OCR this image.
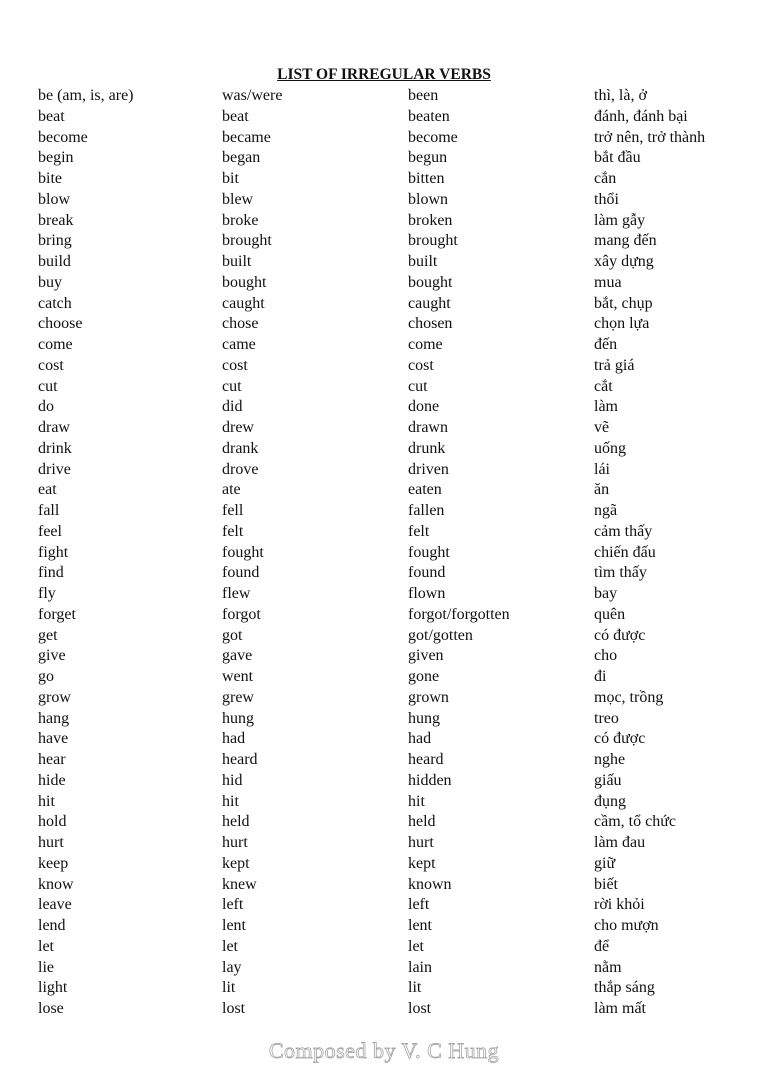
LIST OF IRREGULAR VERBS
be (am, is, are)	was/were	been	thì, là, ở
beat	beat	beaten	đánh, đánh bại
become	became	become	trở nên, trở thành
begin	began	begun	bắt đầu
bite	bit	bitten	cắn
blow	blew	blown	thổi
break	broke	broken	làm gẫy
bring	brought	brought	mang đến
build	built	built	xây dựng
buy	bought	bought	mua
catch	caught	caught	bắt, chụp
choose	chose	chosen	chọn lựa
come	came	come	đến
cost	cost	cost	trả giá
cut	cut	cut	cắt
do	did	done	làm
draw	drew	drawn	vẽ
drink	drank	drunk	uống
drive	drove	driven	lái
eat	ate	eaten	ăn
fall	fell	fallen	ngã
feel	felt	felt	cảm thấy
fight	fought	fought	chiến đấu
find	found	found	tìm thấy
fly	flew	flown	bay
forget	forgot	forgot/forgotten	quên
get	got	got/gotten	có được
give	gave	given	cho
go	went	gone	đi
grow	grew	grown	mọc, trồng
hang	hung	hung	treo
have	had	had	có được
hear	heard	heard	nghe
hide	hid	hidden	giấu
hit	hit	hit	đụng
hold	held	held	cầm, tổ chức
hurt	hurt	hurt	làm đau
keep	kept	kept	giữ
know	knew	known	biết
leave	left	left	rời khỏi
lend	lent	lent	cho mượn
let	let	let	để
lie	lay	lain	nằm
light	lit	lit	thắp sáng
lose	lost	lost	làm mất
Composed by V. C Hung
